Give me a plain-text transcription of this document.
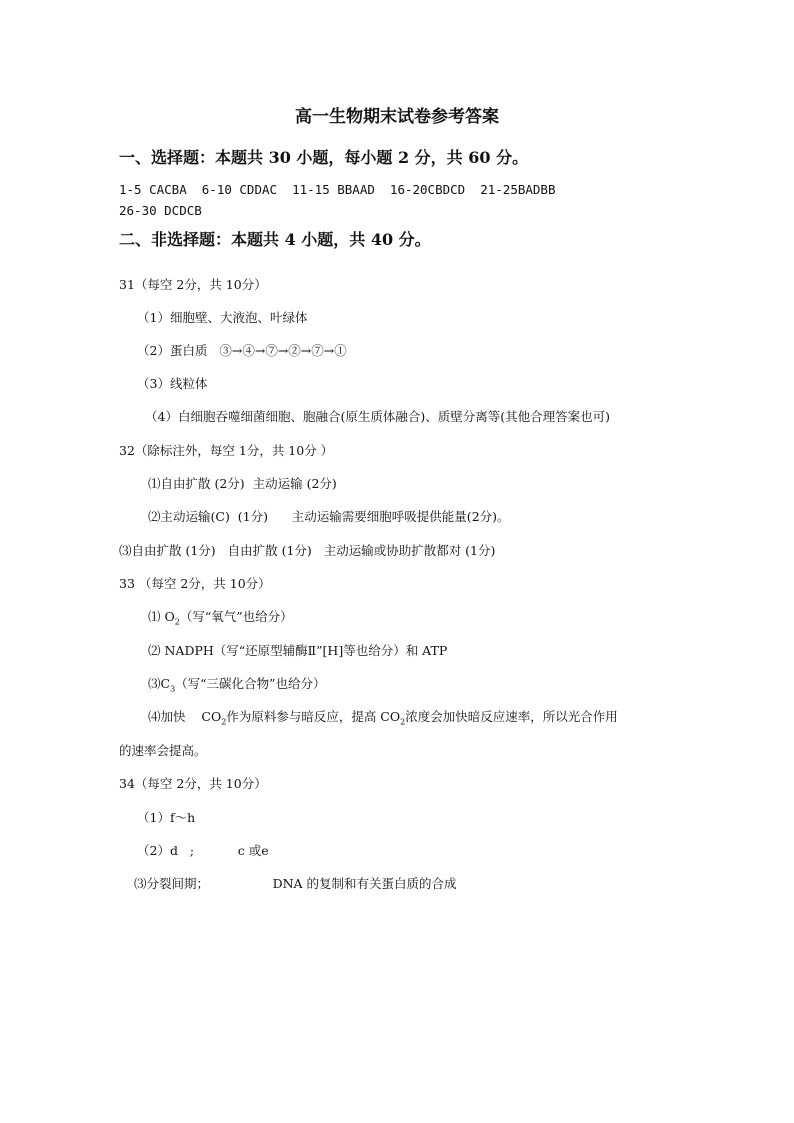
高一生物期末试卷参考答案
一、选择题：本题共 30 小题，每小题 2 分，共 60 分。
1-5 CACBA  6-10 CDDAC  11-15 BBAAD  16-20CBDCD  21-25BADBB
26-30 DCDCB
二、非选择题：本题共 4 小题，共 40 分。
31（每空 2分，共 10分）
（1）细胞壁、大液泡、叶绿体
（2）蛋白质   ③→④→⑦→②→⑦→①
（3）线粒体
（4）白细胞吞噬细菌细胞、胞融合(原生质体融合)、质壁分离等(其他合理答案也可)
32（除标注外，每空 1分，共 10分 ）
⑴自由扩散 (2分)  主动运输 (2分)
⑵主动运输(C)  (1分)      主动运输需要细胞呼吸提供能量(2分)。
⑶自由扩散 (1分)   自由扩散 (1分)   主动运输或协助扩散都对 (1分)
33 （每空 2分，共 10分）
⑴ $O_2$（写“氧气”也给分）
⑵ NADPH（写“还原型辅酶Ⅱ”[H]等也给分）和 ATP
$⑶C_3$（写“三碳化合物”也给分）
⑷加快    $CO_2$作为原料参与暗反应，提高 $CO_2$浓度会加快暗反应速率，所以光合作用
的速率会提高。
34（每空 2分，共 10分）
（1）f～h
（2）d   ;           c 或e
⑶分裂间期；                DNA 的复制和有关蛋白质的合成
